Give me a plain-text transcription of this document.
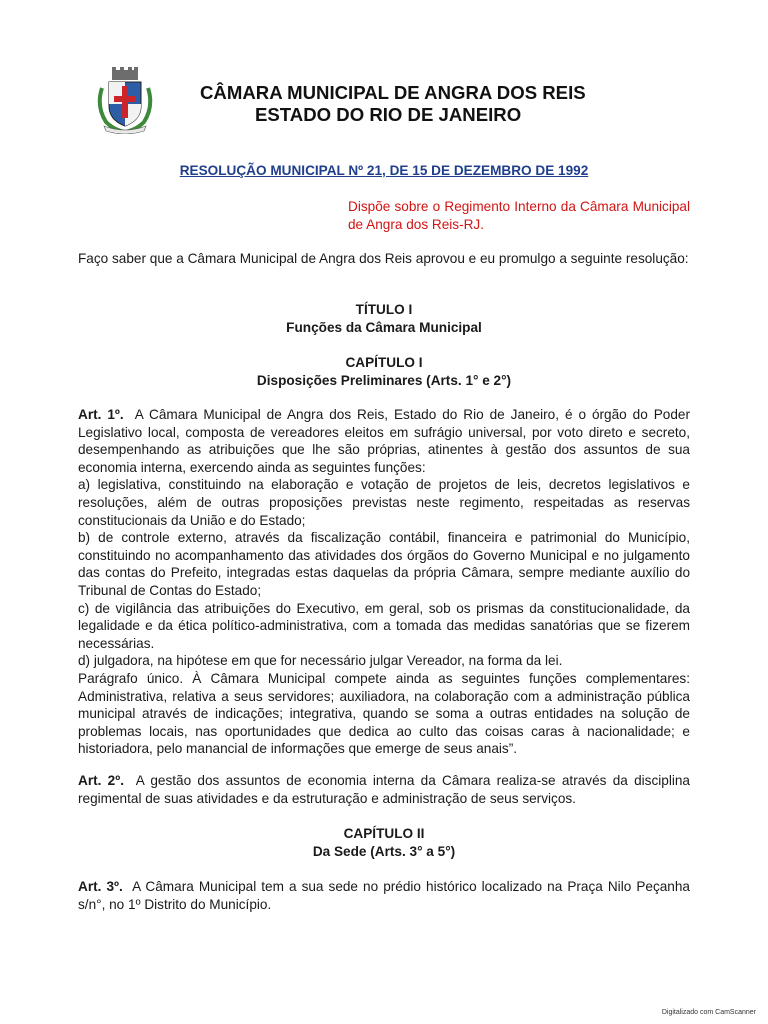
CÂMARA MUNICIPAL DE ANGRA DOS REIS
ESTADO DO RIO DE JANEIRO
RESOLUÇÃO MUNICIPAL Nº 21, DE 15 DE DEZEMBRO DE 1992
Dispõe sobre o Regimento Interno da Câmara Municipal de Angra dos Reis-RJ.
Faço saber que a Câmara Municipal de Angra dos Reis aprovou e eu promulgo a seguinte resolução:
TÍTULO I
Funções da Câmara Municipal
CAPÍTULO I
Disposições Preliminares (Arts. 1° e 2°)

Art. 1º. A Câmara Municipal de Angra dos Reis, Estado do Rio de Janeiro, é o órgão do Poder Legislativo local, composta de vereadores eleitos em sufrágio universal, por voto direto e secreto, desempenhando as atribuições que lhe são próprias, atinentes à gestão dos assuntos de sua economia interna, exercendo ainda as seguintes funções:

a) legislativa, constituindo na elaboração e votação de projetos de leis, decretos legislativos e resoluções, além de outras proposições previstas neste regimento, respeitadas as reservas constitucionais da União e do Estado;

b) de controle externo, através da fiscalização contábil, financeira e patrimonial do Município, constituindo no acompanhamento das atividades dos órgãos do Governo Municipal e no julgamento das contas do Prefeito, integradas estas daquelas da própria Câmara, sempre mediante auxílio do Tribunal de Contas do Estado;

c) de vigilância das atribuições do Executivo, em geral, sob os prismas da constitucionalidade, da legalidade e da ética político-administrativa, com a tomada das medidas sanatórias que se fizerem necessárias.

d) julgadora, na hipótese em que for necessário julgar Vereador, na forma da lei.

Parágrafo único. À Câmara Municipal compete ainda as seguintes funções complementares: Administrativa, relativa a seus servidores; auxiliadora, na colaboração com a administração pública municipal através de indicações; integrativa, quando se soma a outras entidades na solução de problemas locais, nas oportunidades que dedica ao culto das coisas caras à nacionalidade; e historiadora, pelo manancial de informações que emerge de seus anais”.

Art. 2º. A gestão dos assuntos de economia interna da Câmara realiza-se através da disciplina regimental de suas atividades e da estruturação e administração de seus serviços.

CAPÍTULO II
Da Sede (Arts. 3° a 5°)

Art. 3º. A Câmara Municipal tem a sua sede no prédio histórico localizado na Praça Nilo Peçanha s/n°, no 1º Distrito do Município.

Digitalizado com CamScanner
